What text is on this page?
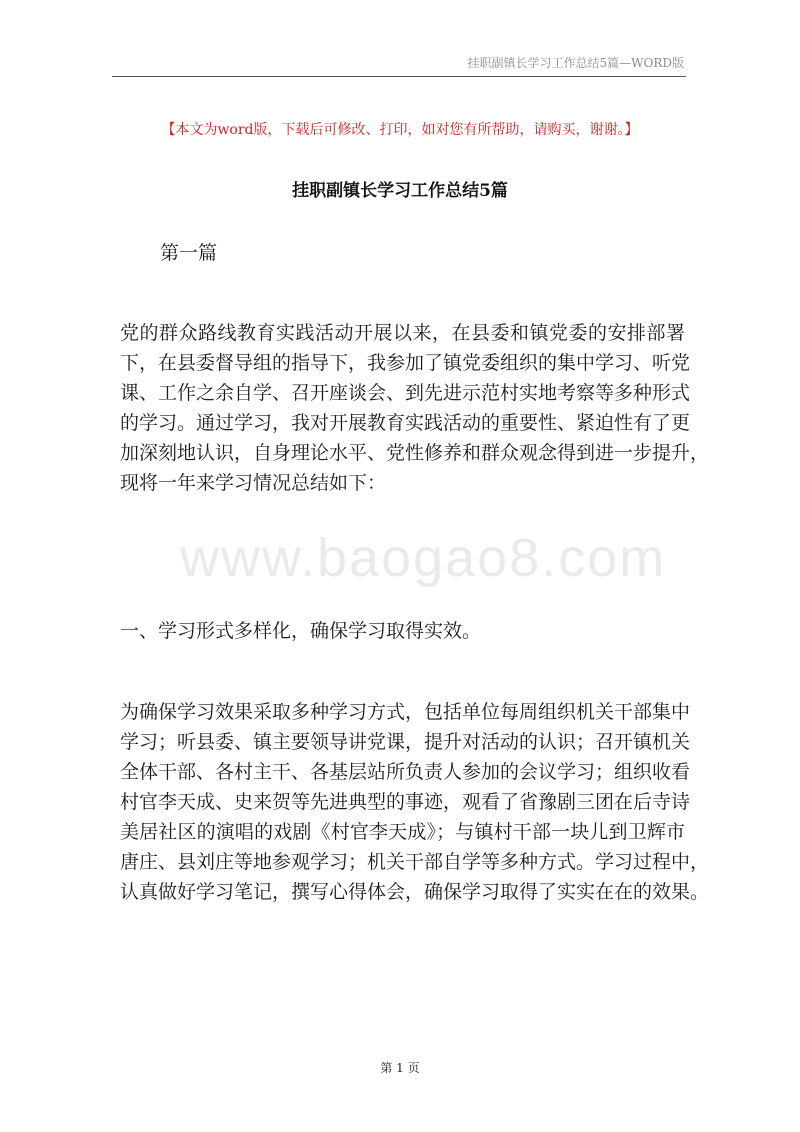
挂职副镇长学习工作总结5篇—WORD版
【本文为word版，下载后可修改、打印，如对您有所帮助，请购买，谢谢。】
挂职副镇长学习工作总结5篇
第一篇
党的群众路线教育实践活动开展以来，在县委和镇党委的安排部署
下，在县委督导组的指导下，我参加了镇党委组织的集中学习、听党
课、工作之余自学、召开座谈会、到先进示范村实地考察等多种形式
的学习。通过学习，我对开展教育实践活动的重要性、紧迫性有了更
加深刻地认识，自身理论水平、党性修养和群众观念得到进一步提升，
现将一年来学习情况总结如下：
www.baogao8.com
一、学习形式多样化，确保学习取得实效。
为确保学习效果采取多种学习方式，包括单位每周组织机关干部集中
学习；听县委、镇主要领导讲党课，提升对活动的认识；召开镇机关
全体干部、各村主干、各基层站所负责人参加的会议学习；组织收看
村官李天成、史来贺等先进典型的事迹，观看了省豫剧三团在后寺诗
美居社区的演唱的戏剧《村官李天成》；与镇村干部一块儿到卫辉市
唐庄、县刘庄等地参观学习；机关干部自学等多种方式。学习过程中，
认真做好学习笔记，撰写心得体会，确保学习取得了实实在在的效果。
第 1 页
